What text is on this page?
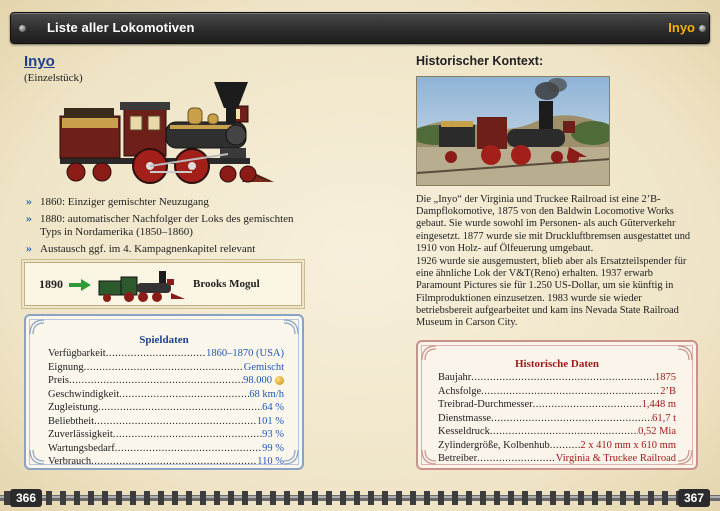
Liste aller Lokomotiven	Inyo
Inyo
(Einzelstück)
» 1860: Einziger gemischter Neuzugang
» 1880: automatischer Nachfolger der Loks des gemischten Typs in Nordamerika (1850–1860)
» Austausch ggf. im 4. Kampagnenkapitel relevant
1890	Brooks Mogul
Spieldaten
Verfügbarkeit .....	1860–1870 (USA)
Eignung .....	Gemischt
Preis .....	98.000
Geschwindigkeit .....	68 km/h
Zugleistung .....	64 %
Beliebtheit .....	101 %
Zuverlässigkeit .....	93 %
Wartungsbedarf .....	99 %
Verbrauch .....	110 %
Historischer Kontext:
Die „Inyo“ der Virginia und Truckee Railroad ist eine 2’B-Dampflokomotive, 1875 von den Baldwin Locomotive Works gebaut. Sie wurde sowohl im Personen- als auch Güterverkehr eingesetzt. 1877 wurde sie mit Druckluftbremsen ausgestattet und 1910 von Holz- auf Ölfeuerung umgebaut.
1926 wurde sie ausgemustert, blieb aber als Ersatzteilspender für eine ähnliche Lok der V&T(Reno) erhalten. 1937 erwarb Paramount Pictures sie für 1.250 US-Dollar, um sie künftig in Filmproduktionen einzusetzen. 1983 wurde sie wieder betriebsbereit aufgearbeitet und kam ins Nevada State Railroad Museum in Carson City.
Historische Daten
Baujahr .....	1875
Achsfolge .....	2’B
Treibrad-Durchmesser .....	1,448 m
Dienstmasse .....	61,7 t
Kesseldruck .....	0,52 Mia
Zylindergröße, Kolbenhub .....	2 x 410 mm x 610 mm
Betreiber .....	Virginia & Truckee Railroad
366	367
